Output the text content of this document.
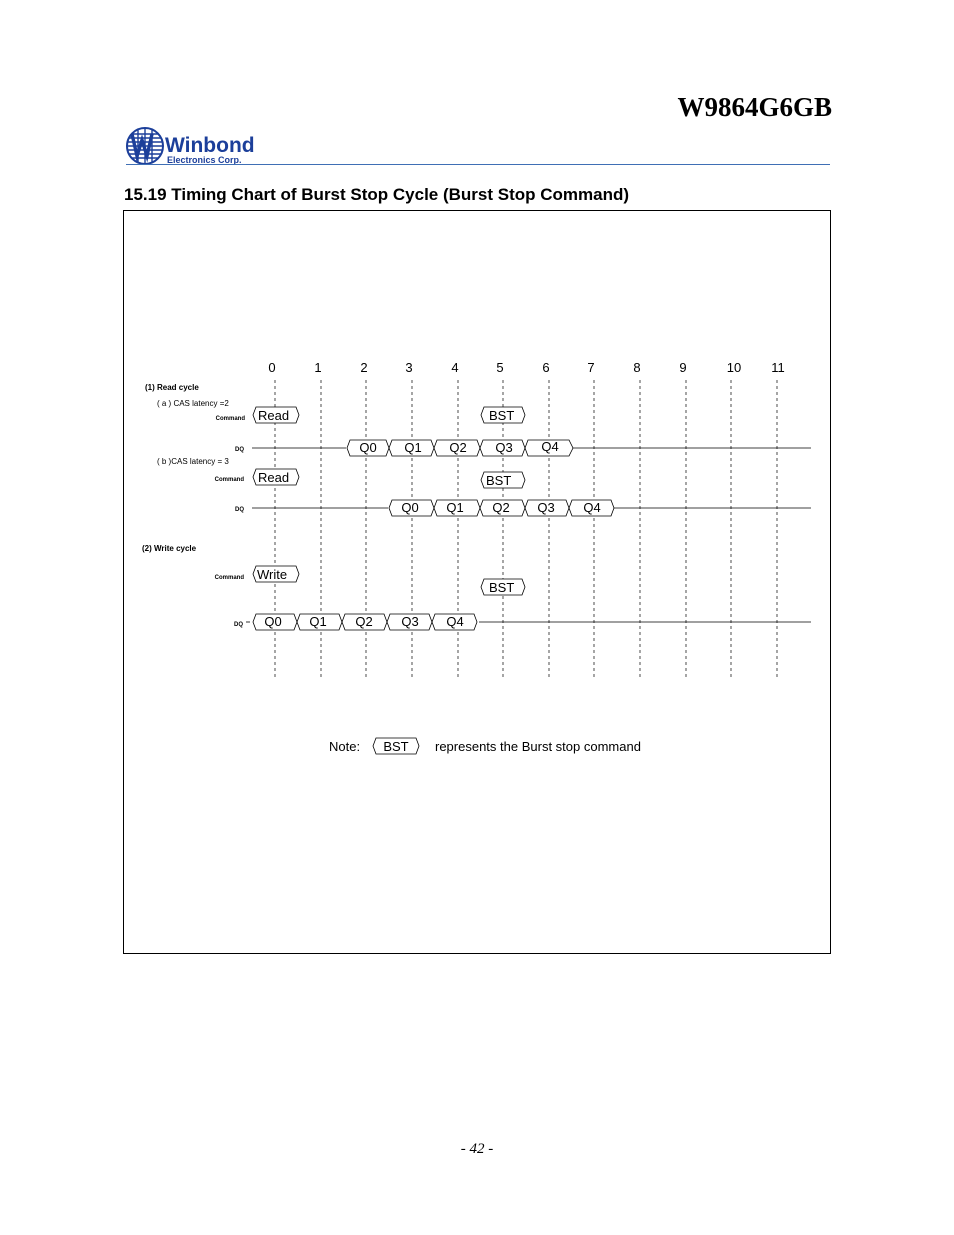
W9864G6GB
Winbond
Electronics Corp.
15.19 Timing Chart of Burst Stop Cycle (Burst Stop Command)
0	1	2	3	4	5	6	7	8	9	10 11
(1) Read cycle
( a ) CAS latency =2
Command
DQ
( b )CAS latency = 3
Command
DQ
(2) Write cycle
Command
DQ
Read	BST
Read	BST
Write
BST
Q0 Q1 Q2 Q3 Q4
Q0 Q1 Q2 Q3 Q4
Q0 Q1 Q2 Q3 Q4
Note: BST represents the Burst stop command
- 42 -
